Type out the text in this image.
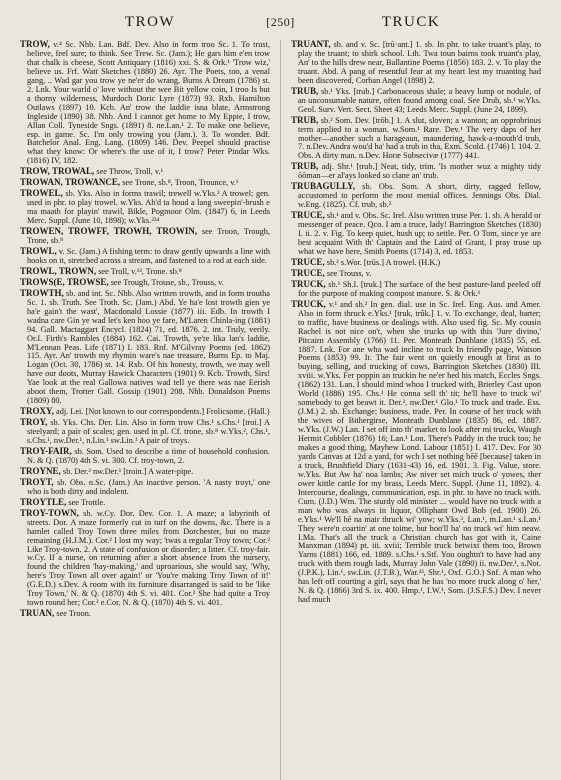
TROW	[250]	TRUCK

TROW, v.⁴ Sc. Nhb. Lan. Bdf. Dev. Also in form troo Sc. 1. To trust, believe, feel sure; to think. See Trew. Sc. (Jam.); He gars him e'en trow that chalk is cheese, Scott Antiquary (1816) xxi. S. & Ork.¹ 'Trow wiz,' believe us. Frf. Watt Sketches (1880) 26. Ayr. The Poets, too, a venal gang, .. Wad gar you trow ye ne'er do wrang, Burns A Dream (1786) st. 2. Lnk. Your warld o' love without the wee Bit yellow coin, I troo Is but a thorny wilderness, Murdoch Doric Lyre (1873) 93. Rxb. Hamilton Outlaws (1897) 10. Kcb. An' trow the laddie isna blate, Armstrong Ingleside (1890) 38. Nhb. And I cannot get home to My Eppie, I trow, Allan Coll. Tyneside Sngs. (1891) 8. ne.Lan.¹ 2. To make one believe, esp. in game. Sc. I'm only trowing you (Jam.). 3. To wonder. Bdf. Batchelor Anal. Eng. Lang. (1809) 146. Dev. Peepel should practise what they know: Or where's the use of it, I trow? Peter Pindar Wks. (1816) IV, 182.

TROW, TROWAL, see Throw, Troll, v.¹

TROWAN, TROWANCE, see Trone, sb.⁸, Troon, Trounce, v.¹

TROWEL, sb. Yks. Also in forms trawil; trewell w.Yks.² A trowel; gen. used in phr. to play trowel. w.Yks. Ah'd ta houd a lang sweepin'-brush e ma maath for playin' trawil, Bikle, Pogmoor Olm. (1847) 6, in Leeds Merc. Suppl. (June 10, 1898); w.Yks.²³⁴

TROWEN, TROWFF, TROWH, TROWIN, see Troon, Trough, Trone, sb.⁸

TROWL, v. Sc. (Jam.) A fishing term: to draw gently upwards a line with hooks on it, stretched across a stream, and fastened to a rod at each side.

TROWL, TROWN, see Troll, v.¹², Trone. sb.⁸

TROWS(E, TROWSE, see Trough, Trouse, sb., Trouss, v.

TROWTH, sb. and int. Sc. Nhb. Also written trowth, and in form trouthа Sc. 1. sb. Truth. See Troth. Sc. (Jam.) Abd. Ye ha'e lost trowth gien ye ha'e gain't the wast', Macdonald Lossie (1877) iii. Edb. In trowth I wadna care Gin ye wad let's ken hoo ye fare, M'Laren Chinla-ing (1881) 94. Gall. Mactaggart Encycl. (1824) 71, ed. 1876. 2. int. Truly, verily. Or.I. Firth's Rambles (1884) 162. Cai. Trowth, ye're lika lan's laddie, M'Lennan Peas. Life (1871) I. 183. Rnf. M'Gilvray Poems (ed. 1862) 115. Ayr. An' trowth my rhymin ware's nae treasure, Burns Ep. to Maj. Logan (Oct. 30, 1786) st. 14. Rxb. Of his honesty, trowth, we may well have our doots, Murray Hawick Characters (1901) 9. Kcb. Trowth, Sirs! Yae look at the real Gallowa natives wad tell ye there was nae Eerish aboot them, Trotter Gall. Gossip (1901) 208. Nhb. Donaldson Poems (1809) 80.

TROXY, adj. Lei. [Not known to our correspondents.] Frolicsome. (Hall.)

TROY, sb. Yks. Chs. Der. Lin. Also in form trow Chs.¹ s.Chs.¹ [troi.] A steelyard; a pair of scales; gen. used in pl. Cf. trone, sb.⁸ w.Yks.², Chs.¹, s.Chs.¹, nw.Der.¹, n.Lin.¹ sw.Lin.¹ A pair of troys.

TROY-FAIR, sb. Som. Used to describe a time of household confusion. N. & Q. (1870) 4th S. vi. 300. Cf. troy-town, 2.

TROYNE, sb. Der.² nw.Der.¹ [troin.] A water-pipe.

TROYT, sb. Obs. n.Sc. (Jam.) An inactive person. 'A nasty troyt,' one who is both dirty and indolent.

TROYTLE, see Trottle.

TROY-TOWN, sb. w.Cy. Dor. Dev. Cor. 1. A maze; a labyrinth of streets. Dor. A maze formerly cut in turf on the downs, &c. There is a hamlet called Troy Town three miles from Dorchester, but no maze remaining (H.J.M.). Cor.² I lost my way; 'twas a regular Troy town; Cor.² Like Troy-town. 2. A state of confusion or disorder; a litter. Cf. troy-fair. w.Cy. If a nurse, on returning after a short absence from the nursery, found the children 'hay-making,' and uproarious, she would say, 'Why, here's Troy Town all over again!' or 'You're making Troy Town of it!' (G.E.D.) s.Dev. A room with its furniture disarranged is said to be 'like Troy Town,' N. & Q. (1870) 4th S. vi. 401. Cor.² She had quite a Troy town round her; Cor.² e.Cor. N. & Q. (1870) 4th S. vi. 401.

TRUAN, see Troon.

TRUANT, sb. and v. Sc. [trū·ant.] 1. sb. In phr. to take truant's play, to play the truant; to shirk school. Lth. Twa toun bairns took truant's play, An' to the hills drew near, Ballantine Poems (1856) 183. 2. v. To play the truant. Abd. A pang of resentful fear at my heart lest my truanting had been discovered, Corban Angel (1898) 2.

TRUB, sb.¹ Yks. [trub.] Carbonaceous shale; a heavy lump or nodule, of an unconsumable nature, often found among coal. See Drub, sb.¹ w.Yks. Geol. Surv. Vert. Sect. Sheet 43; Leeds Merc. Suppl. (June 24, 1899).

TRUB, sb.² Som. Dev. [trŏb.] 1. A slut, sloven; a wanton; an opprobrious term applied to a woman. w.Som.¹ Rare. Dev.¹ The very daps of her mother—another such a harageaun, maundering, hawk-a-mouth'd trub, 7. n.Dev. Andra wou'd ha' had a trub in tha, Exm. Scold. (1746) l. 104. 2. Obs. A dirty man. n.Dev. Horæ Subsecivæ (1777) 441.

TRUB, adj. Shr.¹ [trub.] Neat, tidy, trim. 'Is mother wuz a mighty tidy ŏŏman—er al'ays looked so clane an' trub.

TRUBAGULLY, sb. Obs. Som. A short, dirty, ragged fellow, accustomed to perform the most menial offices. Jennings Obs. Dial. w.Eng. (1825). Cf. trub, sb.²

TRUCE, sb.¹ and v. Obs. Sc. Irel. Also written truse Per. 1. sb. A herald or messenger of peace. Qco. I am a truce, lady! Barrington Sketches (1830) I. ii. 2. v. Fig. To keep quiet, hush up; to settle. Per. O Tom, since ye are best acquaint With th' Captain and the Laird of Grant, I pray truse up what we have here, Smith Poems (1714) 3, ed. 1853.

TRUCE, sb.² s.Wor. [trūs.] A trowel. (H.K.)

TRUCE, see Trouss, v.

TRUCK, sb.¹ Sh.I. [truk.] The surface of the best pasture-land peeled off for the purpose of making compost manure. S. & Ork.¹

TRUCK, v.¹ and sb.² In gen. dial. use in Sc. Irel. Eng. Aus. and Amer. Also in form thruck e.Yks.¹ [truk, trŭk.] 1. v. To exchange, deal, barter; to traffic, have business or dealings with. Also used fig. Sc. My cousin Rachel is not nice on't, when she trucks up with this 'Jure divino,' Pitcairn Assembly (1766) 11. Per. Monteath Dunblane (1835) 55, ed. 1887. Lnk. For ane wha wad incline to truck In friendly page, Watson Poems (1853) 99. Ir. The fair went on quietly enough at first as to buying, selling, and trucking of cows, Barrington Sketches (1830) III. xviii. w.Yks. Fer poppin an truckin he ne'er hed his match, Eccles Sngs. (1862) 131. Lan. I should mind whoa I trucked with, Brierley Cast upon World (1886) 195. Chs.¹ He conna sell th' tit; he'll have to truck wi' somebody to get beawt it. Der.², nw.Der.¹ Glo.¹ To truck and trade. Ess. (J.M.) 2. sb. Exchange; business, trade. Per. In course of her truck with the wives of Bithergirse, Monteath Dunblane (1835) 86, ed. 1887. w.Yks. (J.W.) Lan. I set off into th' market to look after mi trucks, Waugh Hermit Cobbler (1876) 16; Lan.¹ Lon. There's Paddy in the truck too; he makes a good thing, Mayhew Lond. Labour (1851) I. 417. Dev. For 30 yards Canvas at 12d a yard, for wch I set nothing bēē [because] taken in a truck, Brushfield Diary (1631-43) 16, ed. 1901. 3. Fig. Value, store. w.Yks. But Aw ha' noa lambs; Aw niver set mich truck o' yowes, ther ower kittle cattle for my brass, Leeds Merc. Suppl. (June 11, 1892). 4. Intercourse, dealings, communication, esp. in phr. to have no truck with. Cum. (J.D.) Wm. The sturdy old minister ... would have no truck with a man who was always in liquor, Olliphant Owd Bob (ed. 1900) 26. e.Yks.¹ We'll hē na mair thruck wi' yow; w.Yks.³, Lan.¹, m.Lan.¹ s.Lan.¹ They were'n coartin' at one toime, but hoo'll ha' no truck wi' him neaw. I.Ma. That's all the truck a Christian church has got with it, Caine Manxman (1894) pt. iii. xviii; Terrible truck betwixt them too, Brown Yarns (1881) 166, ed. 1889. s.Chs.¹ s.Stf. You oughtn't to have had any truck with them rough lads, Murray John Vale (1890) ii. nw.Der.¹, s.Not. (J.P.K.), Lin.¹, sw.Lin. (J.T.B.), War.²³, Shr.¹, Oxf. G.O.) Snf. A man who has left off courting a girl, says that he has 'no more truck along o' her,' N. & Q. (1866) 3rd S. ix. 400. Hmp.¹, I.W.¹, Som. (J.S.F.S.) Dev. I never had much
